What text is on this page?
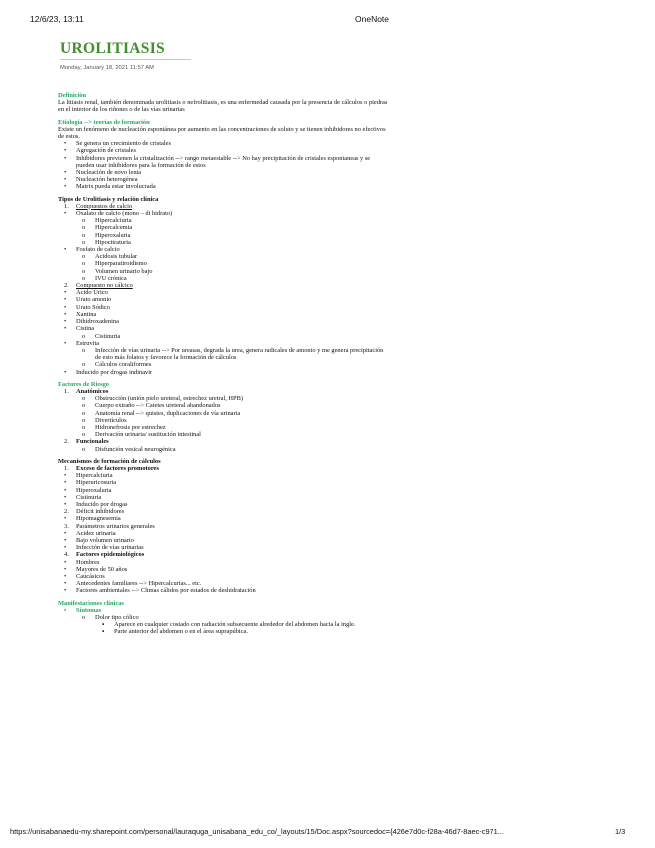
12/6/23, 13:11	OneNote
UROLITIASIS
Monday, January 18, 2021 11:57 AM
Definición

La litiasis renal, también denominada urolitiasis o nefrolitiasis, es una enfermedad causada por la presencia de cálculos o piedras en el interior de los riñones o de las vías urinarias

Etiología --> teorías de formación

Existe un fenómeno de nucleación espontánea por aumento en las concentraciones de soluto y se tienen inhibidores no efectivos de estos.

• Se genera un crecimiento de cristales
• Agregación de cristales
• Inhibidores previenen la cristalización --> rango metaestable --> No hay precipitación de cristales espontaneas y se pueden usar inhibidores para la formación de estos
• Nucleación de novo lenta
• Nucleación heterogénea
• Matrix pueda estar involucrada
Tipos de Urolitiasis y relación clínica
1. Compuestos de calcio
• Oxalato de calcio (mono – di hidrato)
o Hipercalciuria
o Hipercalcemia
o Hiperoxaluria
o Hipocitraturia
• Fosfato de calcio
o Acidosis tubular
o Hiperparatiroidismo
o Volumen urinario bajo
o IVU crónica
2. Compuesto no cálcico
• Ácido Úrico
• Urato amonio
• Urato Sódico
• Xantina
• Dihidroxadenina
• Cistina
o Cistinuria
• Estruvita
o Infección de vías urinaria --> Por ureasas, degrada la urea, genera radicales de amonio y me genera precipitación de esto más folatos y favorece la formación de cálculos
o Cálculos coraliformes
• Inducido por drogas indinavir
Factores de Riesgo
1. Anatómicos
o Obstrucción (unión pielo ureteral, estrechez uretral, HPB)
o Cuerpo extraño --> Catetes ureteral abandonados
o Anatomía renal --> quistes, duplicaciones de vía urinaria
o Divertículos
o Hidronefrosis por estrechez
o Derivación urinaria/ sustitución intestinal
2. Funcionales
o Disfunción vesical neurogénica
Mecanismos de formación de cálculos
1. Exceso de factores promotores
• Hipercalciuria
• Hiperuricosuria
• Hiperoxaluria
• Cistinuria
• Inducido por drogas
2. Déficit inhibidores
• Hipomagnesemia
3. Parámetros urinarios generales
• Acidez urinaria
• Bajo volumen urinario
• Infección de vías urinarias
4. Factores epidemiológicos
• Hombres
• Mayores de 50 años
• Caucásicos
• Antecedentes familiares --> Hipercalcurias... etc.
• Factores ambientales --> Climas cálidos por estados de deshidratación
Manifestaciones clínicas
• Síntomas
o Dolor tipo cólico
▪ Aparece en cualquier costado con radiación subsecuente alrededor del abdomen hacia la ingle.
▪ Parte anterior del abdomen o en el área suprapúbica.
https://unisabanaedu-my.sharepoint.com/personal/lauraquga_unisabana_edu_co/_layouts/15/Doc.aspx?sourcedoc={426e7d0c-f28a-46d7-8aec-c971...	1/3
